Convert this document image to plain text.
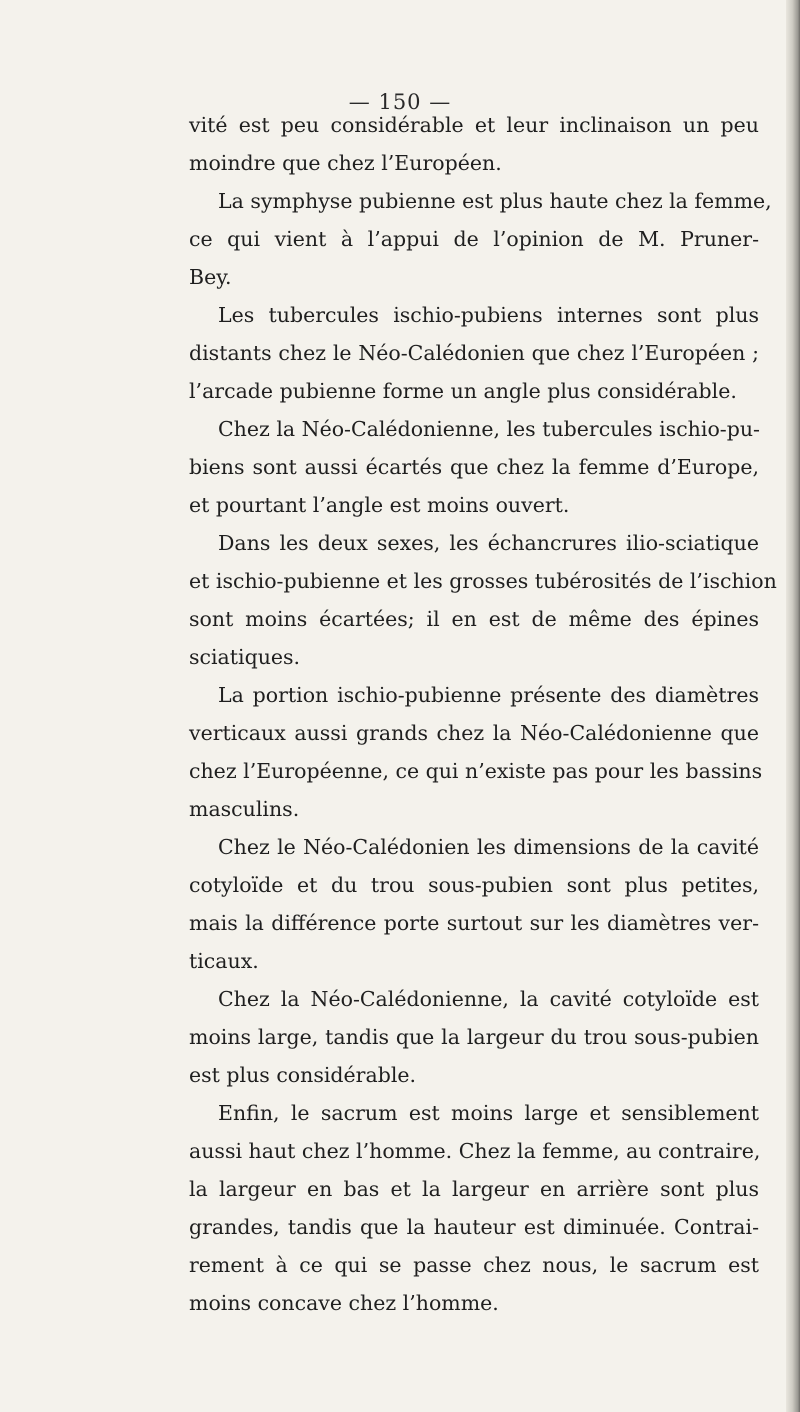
— 150 —
vité est peu considérable et leur inclinaison un peu
moindre que chez l’Européen.
La symphyse pubienne est plus haute chez la femme,
ce qui vient à l’appui de l’opinion de M. Pruner-
Bey.
Les tubercules ischio-pubiens internes sont plus
distants chez le Néo-Calédonien que chez l’Européen ;
l’arcade pubienne forme un angle plus considérable.
Chez la Néo-Calédonienne, les tubercules ischio-pu-
biens sont aussi écartés que chez la femme d’Europe,
et pourtant l’angle est moins ouvert.
Dans les deux sexes, les échancrures ilio-sciatique
et ischio-pubienne et les grosses tubérosités de l’ischion
sont moins écartées; il en est de même des épines
sciatiques.
La portion ischio-pubienne présente des diamètres
verticaux aussi grands chez la Néo-Calédonienne que
chez l’Européenne, ce qui n’existe pas pour les bassins
masculins.
Chez le Néo-Calédonien les dimensions de la cavité
cotyloïde et du trou sous-pubien sont plus petites,
mais la différence porte surtout sur les diamètres ver-
ticaux.
Chez la Néo-Calédonienne, la cavité cotyloïde est
moins large, tandis que la largeur du trou sous-pubien
est plus considérable.
Enfin, le sacrum est moins large et sensiblement
aussi haut chez l’homme. Chez la femme, au contraire,
la largeur en bas et la largeur en arrière sont plus
grandes, tandis que la hauteur est diminuée. Contrai-
rement à ce qui se passe chez nous, le sacrum est
moins concave chez l’homme.
